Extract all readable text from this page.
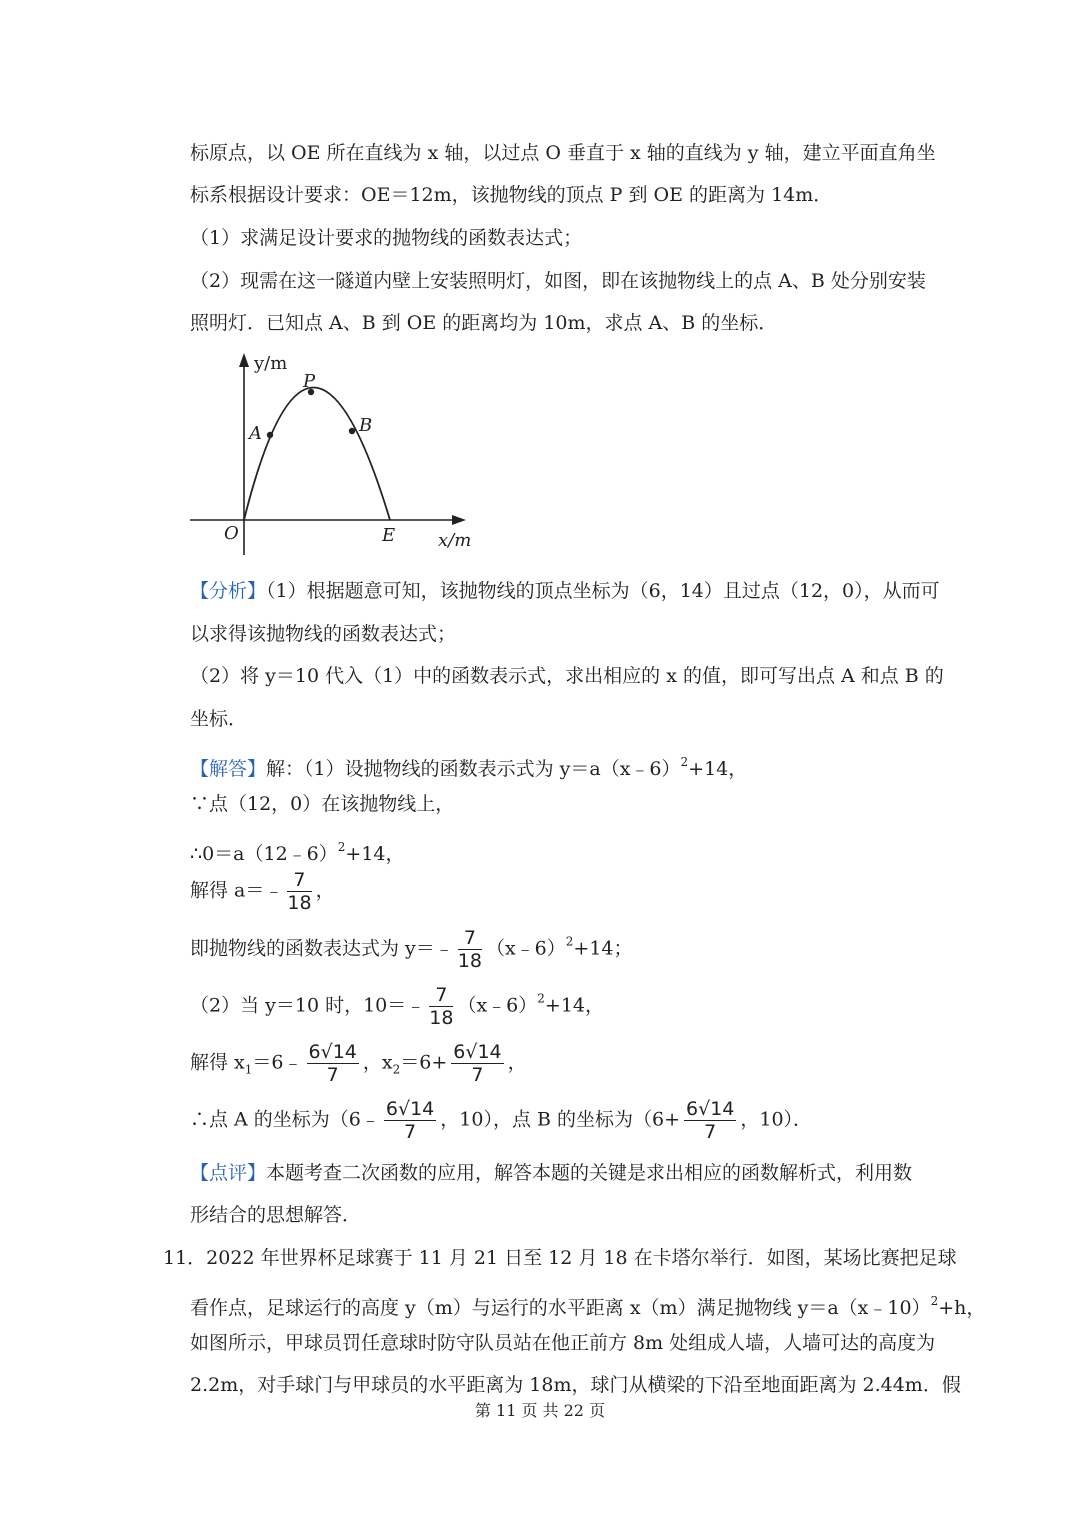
标原点，以 OE 所在直线为 x 轴，以过点 O 垂直于 x 轴的直线为 y 轴，建立平面直角坐
标系根据设计要求：OE＝12m，该抛物线的顶点 P 到 OE 的距离为 14m．
（1）求满足设计要求的抛物线的函数表达式；
（2）现需在这一隧道内壁上安装照明灯，如图，即在该抛物线上的点 A、B 处分别安装
照明灯．已知点 A、B 到 OE 的距离均为 10m，求点 A、B 的坐标．
y/m
x/m
O
P
A	B
E
【分析】（1）根据题意可知，该抛物线的顶点坐标为（6，14）且过点（12，0），从而可
以求得该抛物线的函数表达式；
（2）将 y＝10 代入（1）中的函数表示式，求出相应的 x 的值，即可写出点 A 和点 B 的
坐标．
【解答】解：（1）设抛物线的函数表示式为 y＝a（x﹣6）$^2$+14，
∵点（12，0）在该抛物线上，
∴0＝a（12﹣6）$^2$+14，
解得 a＝﹣ $\frac{7}{18}$ ，
即抛物线的函数表达式为 y＝﹣ $\frac{7}{18}$ （x﹣6）$^2$+14；
（2）当 y＝10 时，10＝﹣ $\frac{7}{18}$ （x﹣6）$^2$+14，
解得 $x_1=6﹣ \frac{6√14}{7}$ ，$x_2=6+ \frac{6√14}{7}$ ，
∴点 A 的坐标为（6﹣ $\frac{6√14}{7}$ ，10），点 B 的坐标为（$6+ \frac{6√14}{7}$ ，10）．
【点评】本题考查二次函数的应用，解答本题的关键是求出相应的函数解析式，利用数
形结合的思想解答．
11．2022 年世界杯足球赛于 11 月 21 日至 12 月 18 在卡塔尔举行．如图，某场比赛把足球
看作点，足球运行的高度 y（m）与运行的水平距离 x（m）满足抛物线 y＝a（x﹣10）$^2$+h，
如图所示，甲球员罚任意球时防守队员站在他正前方 8m 处组成人墙，人墙可达的高度为
2.2m，对手球门与甲球员的水平距离为 18m，球门从横梁的下沿至地面距离为 2.44m．假
第 11 页 共 22 页
